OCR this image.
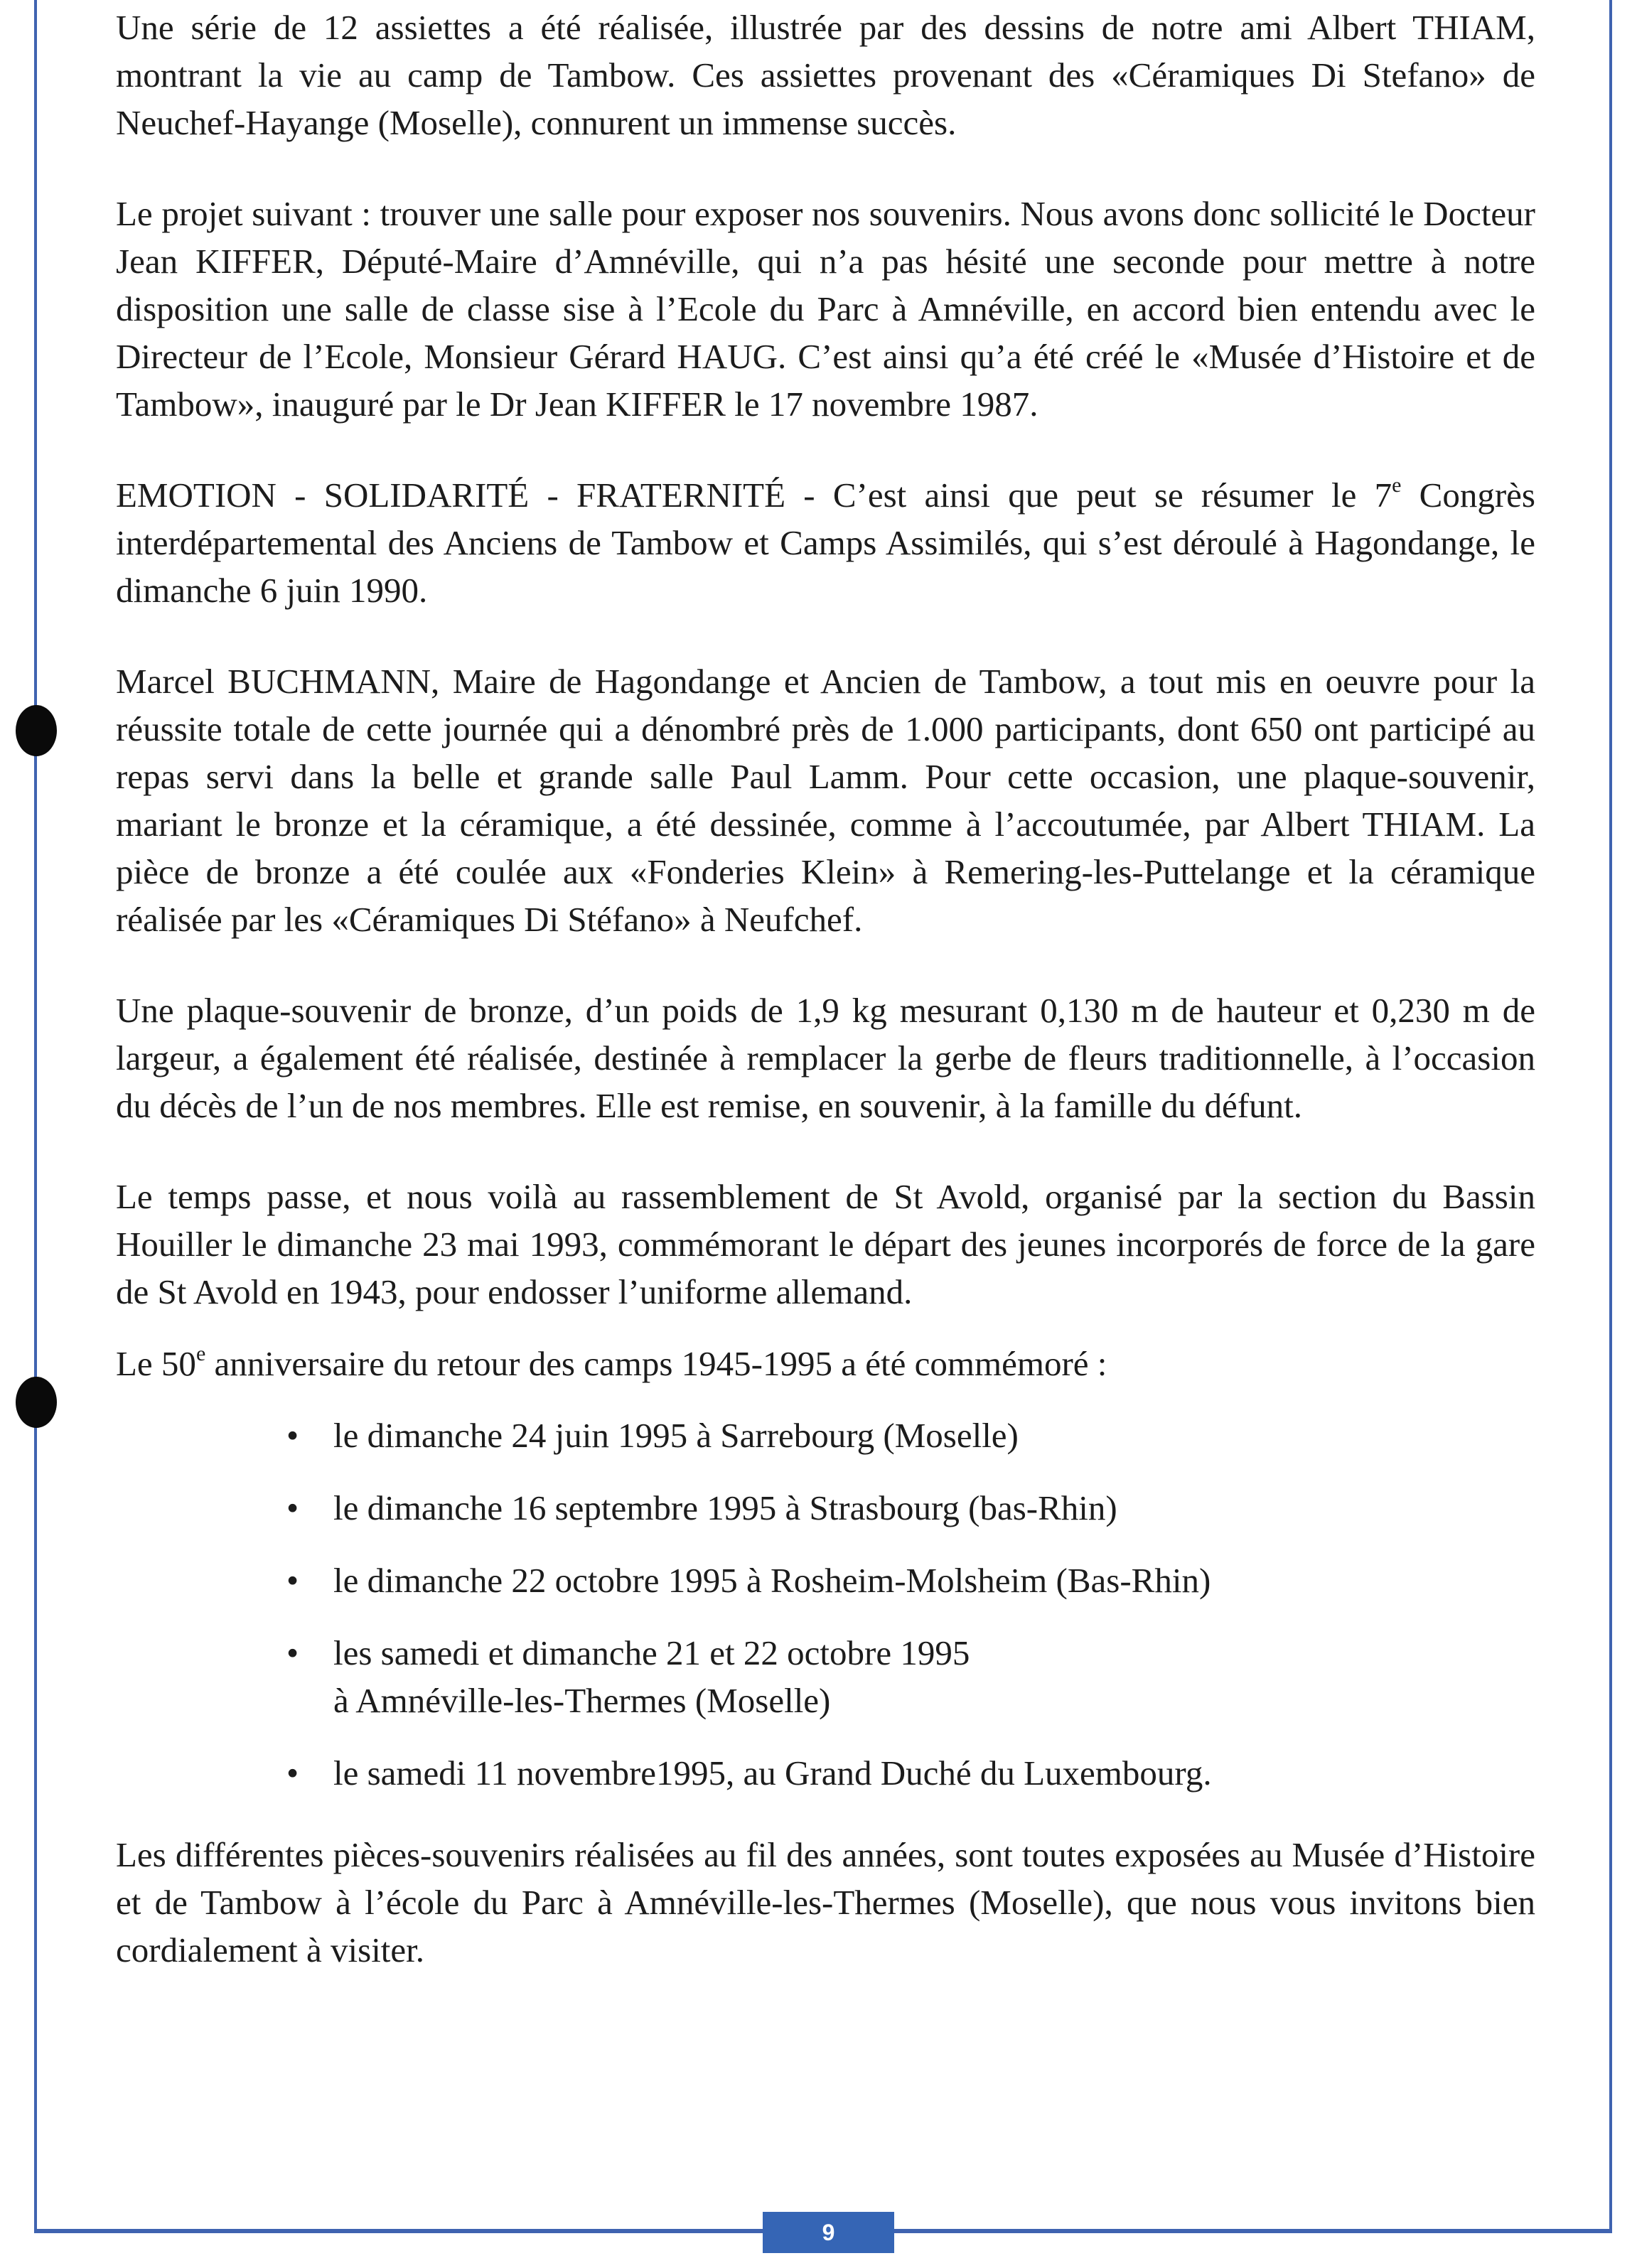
Une série de 12 assiettes a été réalisée, illustrée par des dessins de notre ami Albert THIAM, montrant la vie au camp de Tambow. Ces assiettes provenant des «Céramiques Di Stefano» de Neuchef-Hayange (Moselle), connurent un immense succès.

Le projet suivant : trouver une salle pour exposer nos souvenirs. Nous avons donc sollicité le Docteur Jean KIFFER, Député-Maire d’Amnéville, qui n’a pas hésité une seconde pour mettre à notre disposition une salle de classe sise à l’Ecole du Parc à Amnéville, en accord bien entendu avec le Directeur de l’Ecole, Monsieur Gérard HAUG. C’est ainsi qu’a été créé le «Musée d’Histoire et de Tambow», inauguré par le Dr Jean KIFFER le 17 novembre 1987.

EMOTION - SOLIDARITÉ - FRATERNITÉ - C’est ainsi que peut se résumer le 7e Congrès interdépartemental des Anciens de Tambow et Camps Assimilés, qui s’est déroulé à Hagondange, le dimanche 6 juin 1990.

Marcel BUCHMANN, Maire de Hagondange et Ancien de Tambow, a tout mis en oeuvre pour la réussite totale de cette journée qui a dénombré près de 1.000 participants, dont 650 ont participé au repas servi dans la belle et grande salle Paul Lamm. Pour cette occasion, une plaque-souvenir, mariant le bronze et la céramique, a été dessinée, comme à l’accoutumée, par Albert THIAM. La pièce de bronze a été coulée aux «Fonderies Klein» à Remering-les-Puttelange et la céramique réalisée par les «Céramiques Di Stéfano» à Neufchef.

Une plaque-souvenir de bronze, d’un poids de 1,9 kg mesurant 0,130 m de hauteur et 0,230 m de largeur, a également été réalisée, destinée à remplacer la gerbe de fleurs traditionnelle, à l’occasion du décès de l’un de nos membres. Elle est remise, en souvenir, à la famille du défunt.

Le temps passe, et nous voilà au rassemblement de St Avold, organisé par la section du Bassin Houiller le dimanche 23 mai 1993, commémorant le départ des jeunes incorporés de force de la gare de St Avold en 1943, pour endosser l’uniforme allemand.

Le 50e anniversaire du retour des camps 1945-1995 a été commémoré :

• le dimanche 24 juin 1995 à Sarrebourg (Moselle)
• le dimanche 16 septembre 1995 à Strasbourg (bas-Rhin)
• le dimanche 22 octobre 1995 à Rosheim-Molsheim (Bas-Rhin)
• les samedi et dimanche 21 et 22 octobre 1995
à Amnéville-les-Thermes (Moselle)
• le samedi 11 novembre1995, au Grand Duché du Luxembourg.

Les différentes pièces-souvenirs réalisées au fil des années, sont toutes exposées au Musée d’Histoire et de Tambow à l’école du Parc à Amnéville-les-Thermes (Moselle), que nous vous invitons bien cordialement à visiter.

9
